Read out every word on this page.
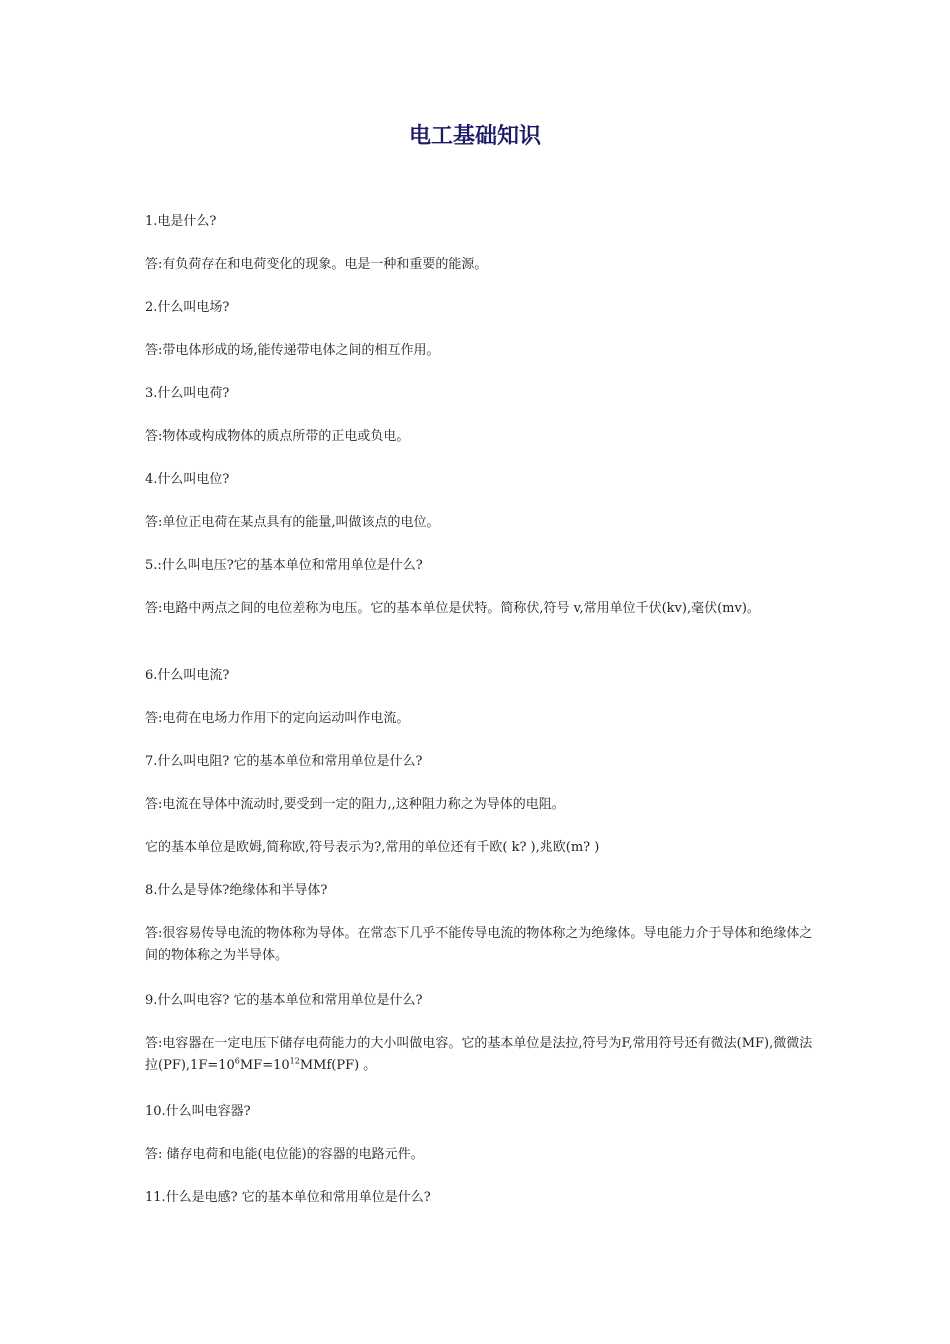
电工基础知识

1.电是什么?

答:有负荷存在和电荷变化的现象。电是一种和重要的能源。

2.什么叫电场?

答:带电体形成的场,能传递带电体之间的相互作用。

3.什么叫电荷?

答:物体或构成物体的质点所带的正电或负电。

4.什么叫电位?

答:单位正电荷在某点具有的能量,叫做该点的电位。

5.:什么叫电压?它的基本单位和常用单位是什么?

答:电路中两点之间的电位差称为电压。它的基本单位是伏特。简称伏,符号 v,常用单位千伏(kv),毫伏(mv)。

6.什么叫电流?

答:电荷在电场力作用下的定向运动叫作电流。

7.什么叫电阻? 它的基本单位和常用单位是什么?

答:电流在导体中流动时,要受到一定的阻力,,这种阻力称之为导体的电阻。

它的基本单位是欧姆,简称欧,符号表示为?,常用的单位还有千欧( k? ),兆欧(m? )

8.什么是导体?绝缘体和半导体?

答:很容易传导电流的物体称为导体。在常态下几乎不能传导电流的物体称之为绝缘体。导电能力介于导体和绝缘体之间的物体称之为半导体。

9.什么叫电容? 它的基本单位和常用单位是什么?

答:电容器在一定电压下储存电荷能力的大小叫做电容。它的基本单位是法拉,符号为F,常用符号还有微法(MF),微微法拉$(PF),1F=10^6MF=10^{12}MMf(PF)$ 。

10.什么叫电容器?

答: 储存电荷和电能(电位能)的容器的电路元件。

11.什么是电感? 它的基本单位和常用单位是什么?
